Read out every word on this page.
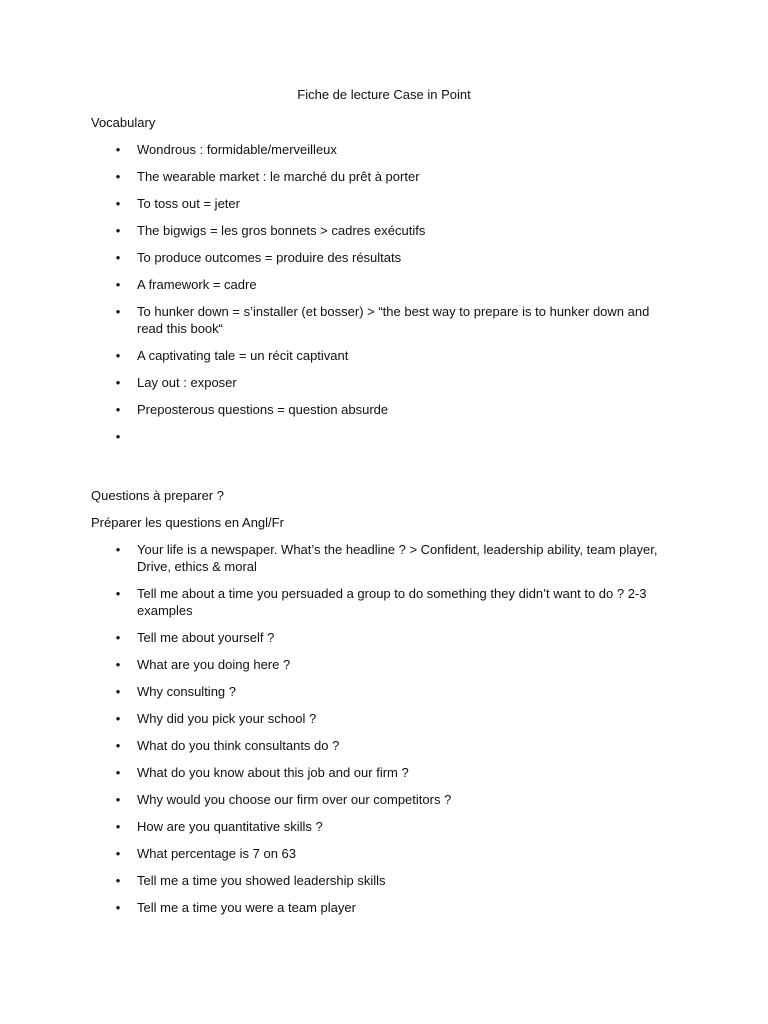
Fiche de lecture Case in Point
Vocabulary
•	Wondrous : formidable/merveilleux
•	The wearable market : le marché du prêt à porter
•	To toss out = jeter
•	The bigwigs = les gros bonnets > cadres exécutifs
•	To produce outcomes = produire des résultats
•	A framework = cadre
•	To hunker down = s’installer (et bosser) > “the best way to prepare is to hunker down and read this book“
•	A captivating tale = un récit captivant
•	Lay out : exposer
•	Preposterous questions = question absurde
•
Questions à preparer ?
Préparer les questions en Angl/Fr
•	Your life is a newspaper. What’s the headline ? > Confident, leadership ability, team player, Drive, ethics & moral
•	Tell me about a time you persuaded a group to do something they didn’t want to do ? 2-3 examples
•	Tell me about yourself ?
•	What are you doing here ?
•	Why consulting ?
•	Why did you pick your school ?
•	What do you think consultants do ?
•	What do you know about this job and our firm ?
•	Why would you choose our firm over our competitors ?
•	How are you quantitative skills ?
•	What percentage is 7 on 63
•	Tell me a time you showed leadership skills
•	Tell me a time you were a team player
